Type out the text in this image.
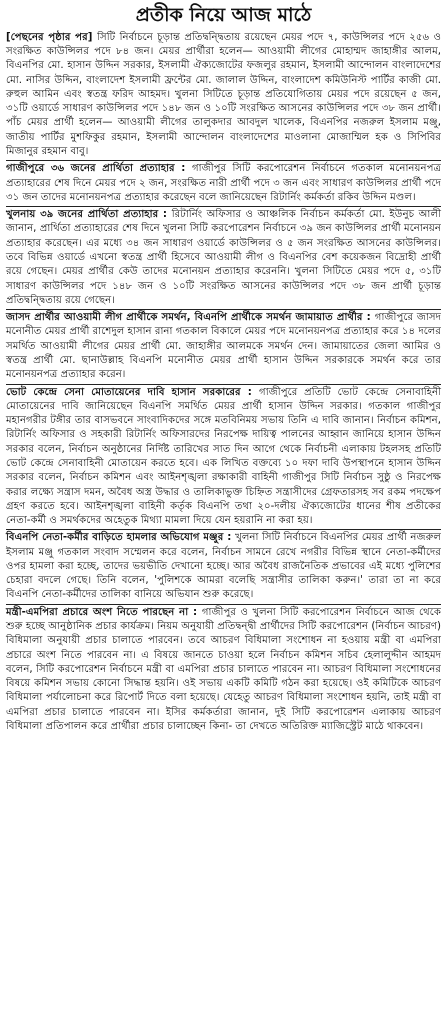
প্রতীক নিয়ে আজ মাঠে

[পেছনের পৃষ্ঠার পর] সিটি নির্বাচনে চূড়ান্ত প্রতিদ্বন্দ্বিতায় রয়েছেন মেয়র পদে ৭, কাউন্সিলর পদে ২৫৬ ও সংরক্ষিত কাউন্সিলর পদে ৮৪ জন। মেয়র প্রার্থীরা হলেন— আওয়ামী লীগের মোহাম্মদ জাহাঙ্গীর আলম, বিএনপির মো. হাসান উদ্দিন সরকার, ইসলামী ঐক্যজোটের ফজলুর রহমান, ইসলামী আন্দোলন বাংলাদেশের মো. নাসির উদ্দিন, বাংলাদেশ ইসলামী ফ্রন্টের মো. জালাল উদ্দিন, বাংলাদেশ কমিউনিস্ট পার্টির কাজী মো. রুহুল আমিন এবং স্বতন্ত্র ফরিদ আহমদ। খুলনা সিটিতে চূড়ান্ত প্রতিযোগিতায় মেয়র পদে রয়েছেন ৫ জন, ৩১টি ওয়ার্ডে সাধারণ কাউন্সিলর পদে ১৪৮ জন ও ১০টি সংরক্ষিত আসনের কাউন্সিলর পদে ৩৮ জন প্রার্থী। পাঁচ মেয়র প্রার্থী হলেন— আওয়ামী লীগের তালুকদার আবদুল খালেক, বিএনপির নজরুল ইসলাম মঞ্জু, জাতীয় পার্টির মুশফিকুর রহমান, ইসলামী আন্দোলন বাংলাদেশের মাওলানা মোজাম্মিল হক ও সিপিবির মিজানুর রহমান বাবু।

গাজীপুরে ৩৬ জনের প্রার্থিতা প্রত্যাহার : গাজীপুর সিটি করপোরেশন নির্বাচনে গতকাল মনোনয়নপত্র প্রত্যাহারের শেষ দিনে মেয়র পদে ২ জন, সংরক্ষিত নারী প্রার্থী পদে ৩ জন এবং সাধারণ কাউন্সিলর প্রার্থী পদে ৩১ জন তাদের মনোনয়নপত্র প্রত্যাহার করেছেন বলে জানিয়েছেন রিটার্নিং কর্মকর্তা রকিব উদ্দিন মণ্ডল।

খুলনায় ৩৯ জনের প্রার্থিতা প্রত্যাহার : রিটার্নিং অফিসার ও আঞ্চলিক নির্বাচন কর্মকর্তা মো. ইউনুচ আলী জানান, প্রার্থিতা প্রত্যাহারের শেষ দিনে খুলনা সিটি করপোরেশন নির্বাচনে ৩৯ জন কাউন্সিলর প্রার্থী মনোনয়ন প্রত্যাহার করেছেন। এর মধ্যে ৩৪ জন সাধারণ ওয়ার্ডে কাউন্সিলর ও ৫ জন সংরক্ষিত আসনের কাউন্সিলর। তবে বিভিন্ন ওয়ার্ডে এখনো স্বতন্ত্র প্রার্থী হিসেবে আওয়ামী লীগ ও বিএনপির বেশ কয়েকজন বিদ্রোহী প্রার্থী রয়ে গেছেন। মেয়র প্রার্থীর কেউ তাদের মনোনয়ন প্রত্যাহার করেননি। খুলনা সিটিতে মেয়র পদে ৫, ৩১টি সাধারণ কাউন্সিলর পদে ১৪৮ জন ও ১০টি সংরক্ষিত আসনের কাউন্সিলর পদে ৩৮ জন প্রার্থী চূড়ান্ত প্রতিদ্বন্দ্বিতায় রয়ে গেছেন।

জাসদ প্রার্থীর আওয়ামী লীগ প্রার্থীকে সমর্থন, বিএনপি প্রার্থীকে সমর্থন জামায়াত প্রার্থীর : গাজীপুরে জাসদ মনোনীত মেয়র প্রার্থী রাশেদুল হাসান রানা গতকাল বিকালে মেয়র পদে মনোনয়নপত্র প্রত্যাহার করে ১৪ দলের সমর্থিত আওয়ামী লীগের মেয়র প্রার্থী মো. জাহাঙ্গীর আলমকে সমর্থন দেন। জামায়াতের জেলা আমির ও স্বতন্ত্র প্রার্থী মো. ছানাউল্লাহ বিএনপি মনোনীত মেয়র প্রার্থী হাসান উদ্দিন সরকারকে সমর্থন করে তার মনোনয়নপত্র প্রত্যাহার করেন।

ভোট কেন্দ্রে সেনা মোতায়েনের দাবি হাসান সরকারের : গাজীপুরে প্রতিটি ভোট কেন্দ্রে সেনাবাহিনী মোতায়েনের দাবি জানিয়েছেন বিএনপি সমর্থিত মেয়র প্রার্থী হাসান উদ্দিন সরকার। গতকাল গাজীপুর মহানগরীর টঙ্গীর তার বাসভবনে সাংবাদিকদের সঙ্গে মতবিনিময় সভায় তিনি এ দাবি জানান। নির্বাচন কমিশন, রিটার্নিং অফিসার ও সহকারী রিটার্নিং অফিসারদের নিরপেক্ষ দায়িত্ব পালনের আহ্বান জানিয়ে হাসান উদ্দিন সরকার বলেন, নির্বাচন অনুষ্ঠানের নির্দিষ্ট তারিখের সাত দিন আগে থেকে নির্বাচনী এলাকায় টহলসহ প্রতিটি ভোট কেন্দ্রে সেনাবাহিনী মোতায়েন করতে হবে। এক লিখিত বক্তব্যে ১০ দফা দাবি উপস্থাপনে হাসান উদ্দিন সরকার বলেন, নির্বাচন কমিশন এবং আইনশৃঙ্খলা রক্ষাকারী বাহিনী গাজীপুর সিটি নির্বাচন সুষ্ঠু ও নিরপেক্ষ করার লক্ষ্যে সন্ত্রাস দমন, অবৈধ অস্ত্র উদ্ধার ও তালিকাভুক্ত চিহ্নিত সন্ত্রাসীদের গ্রেফতারসহ সব রকম পদক্ষেপ গ্রহণ করতে হবে। আইনশৃঙ্খলা বাহিনী কর্তৃক বিএনপি তথা ২০-দলীয় ঐক্যজোটের ধানের শীষ প্রতীকের নেতা-কর্মী ও সমর্থকদের অহেতুক মিথ্যা মামলা দিয়ে যেন হয়রানি না করা হয়।

বিএনপি নেতা-কর্মীর বাড়িতে হামলার অভিযোগ মঞ্জুর : খুলনা সিটি নির্বাচনে বিএনপির মেয়র প্রার্থী নজরুল ইসলাম মঞ্জু গতকাল সংবাদ সম্মেলন করে বলেন, নির্বাচন সামনে রেখে নগরীর বিভিন্ন স্থানে নেতা-কর্মীদের ওপর হামলা করা হচ্ছে, তাদের ভয়ভীতি দেখানো হচ্ছে। আর অবৈধ রাজনৈতিক প্রভাবের এই মধ্যে পুলিশের চেহারা বদলে গেছে। তিনি বলেন, 'পুলিশকে আমরা বলেছি সন্ত্রাসীর তালিকা করুন।' তারা তা না করে বিএনপি নেতা-কর্মীদের তালিকা বানিয়ে অভিযান শুরু করেছে।

মন্ত্রী-এমপিরা প্রচারে অংশ নিতে পারছেন না : গাজীপুর ও খুলনা সিটি করপোরেশন নির্বাচনে আজ থেকে শুরু হচ্ছে আনুষ্ঠানিক প্রচার কার্যক্রম। নিয়ম অনুযায়ী প্রতিদ্বন্দ্বী প্রার্থীদের সিটি করপোরেশন (নির্বাচন আচরণ) বিধিমালা অনুযায়ী প্রচার চালাতে পারবেন। তবে আচরণ বিধিমালা সংশোধন না হওয়ায় মন্ত্রী বা এমপিরা প্রচারে অংশ নিতে পারবেন না। এ বিষয়ে জানতে চাওয়া হলে নির্বাচন কমিশন সচিব হেলালুদ্দীন আহমদ বলেন, সিটি করপোরেশন নির্বাচনে মন্ত্রী বা এমপিরা প্রচার চালাতে পারবেন না। আচরণ বিধিমালা সংশোধনের বিষয়ে কমিশন সভায় কোনো সিদ্ধান্ত হয়নি। ওই সভায় একটি কমিটি গঠন করা হয়েছে। ওই কমিটিকে আচরণ বিধিমালা পর্যালোচনা করে রিপোর্ট দিতে বলা হয়েছে। যেহেতু আচরণ বিধিমালা সংশোধন হয়নি, তাই মন্ত্রী বা এমপিরা প্রচার চালাতে পারবেন না। ইসির কর্মকর্তারা জানান, দুই সিটি করপোরেশন এলাকায় আচরণ বিধিমালা প্রতিপালন করে প্রার্থীরা প্রচার চালাচ্ছেন কিনা- তা দেখতে অতিরিক্ত ম্যাজিস্ট্রেট মাঠে থাকবেন।
